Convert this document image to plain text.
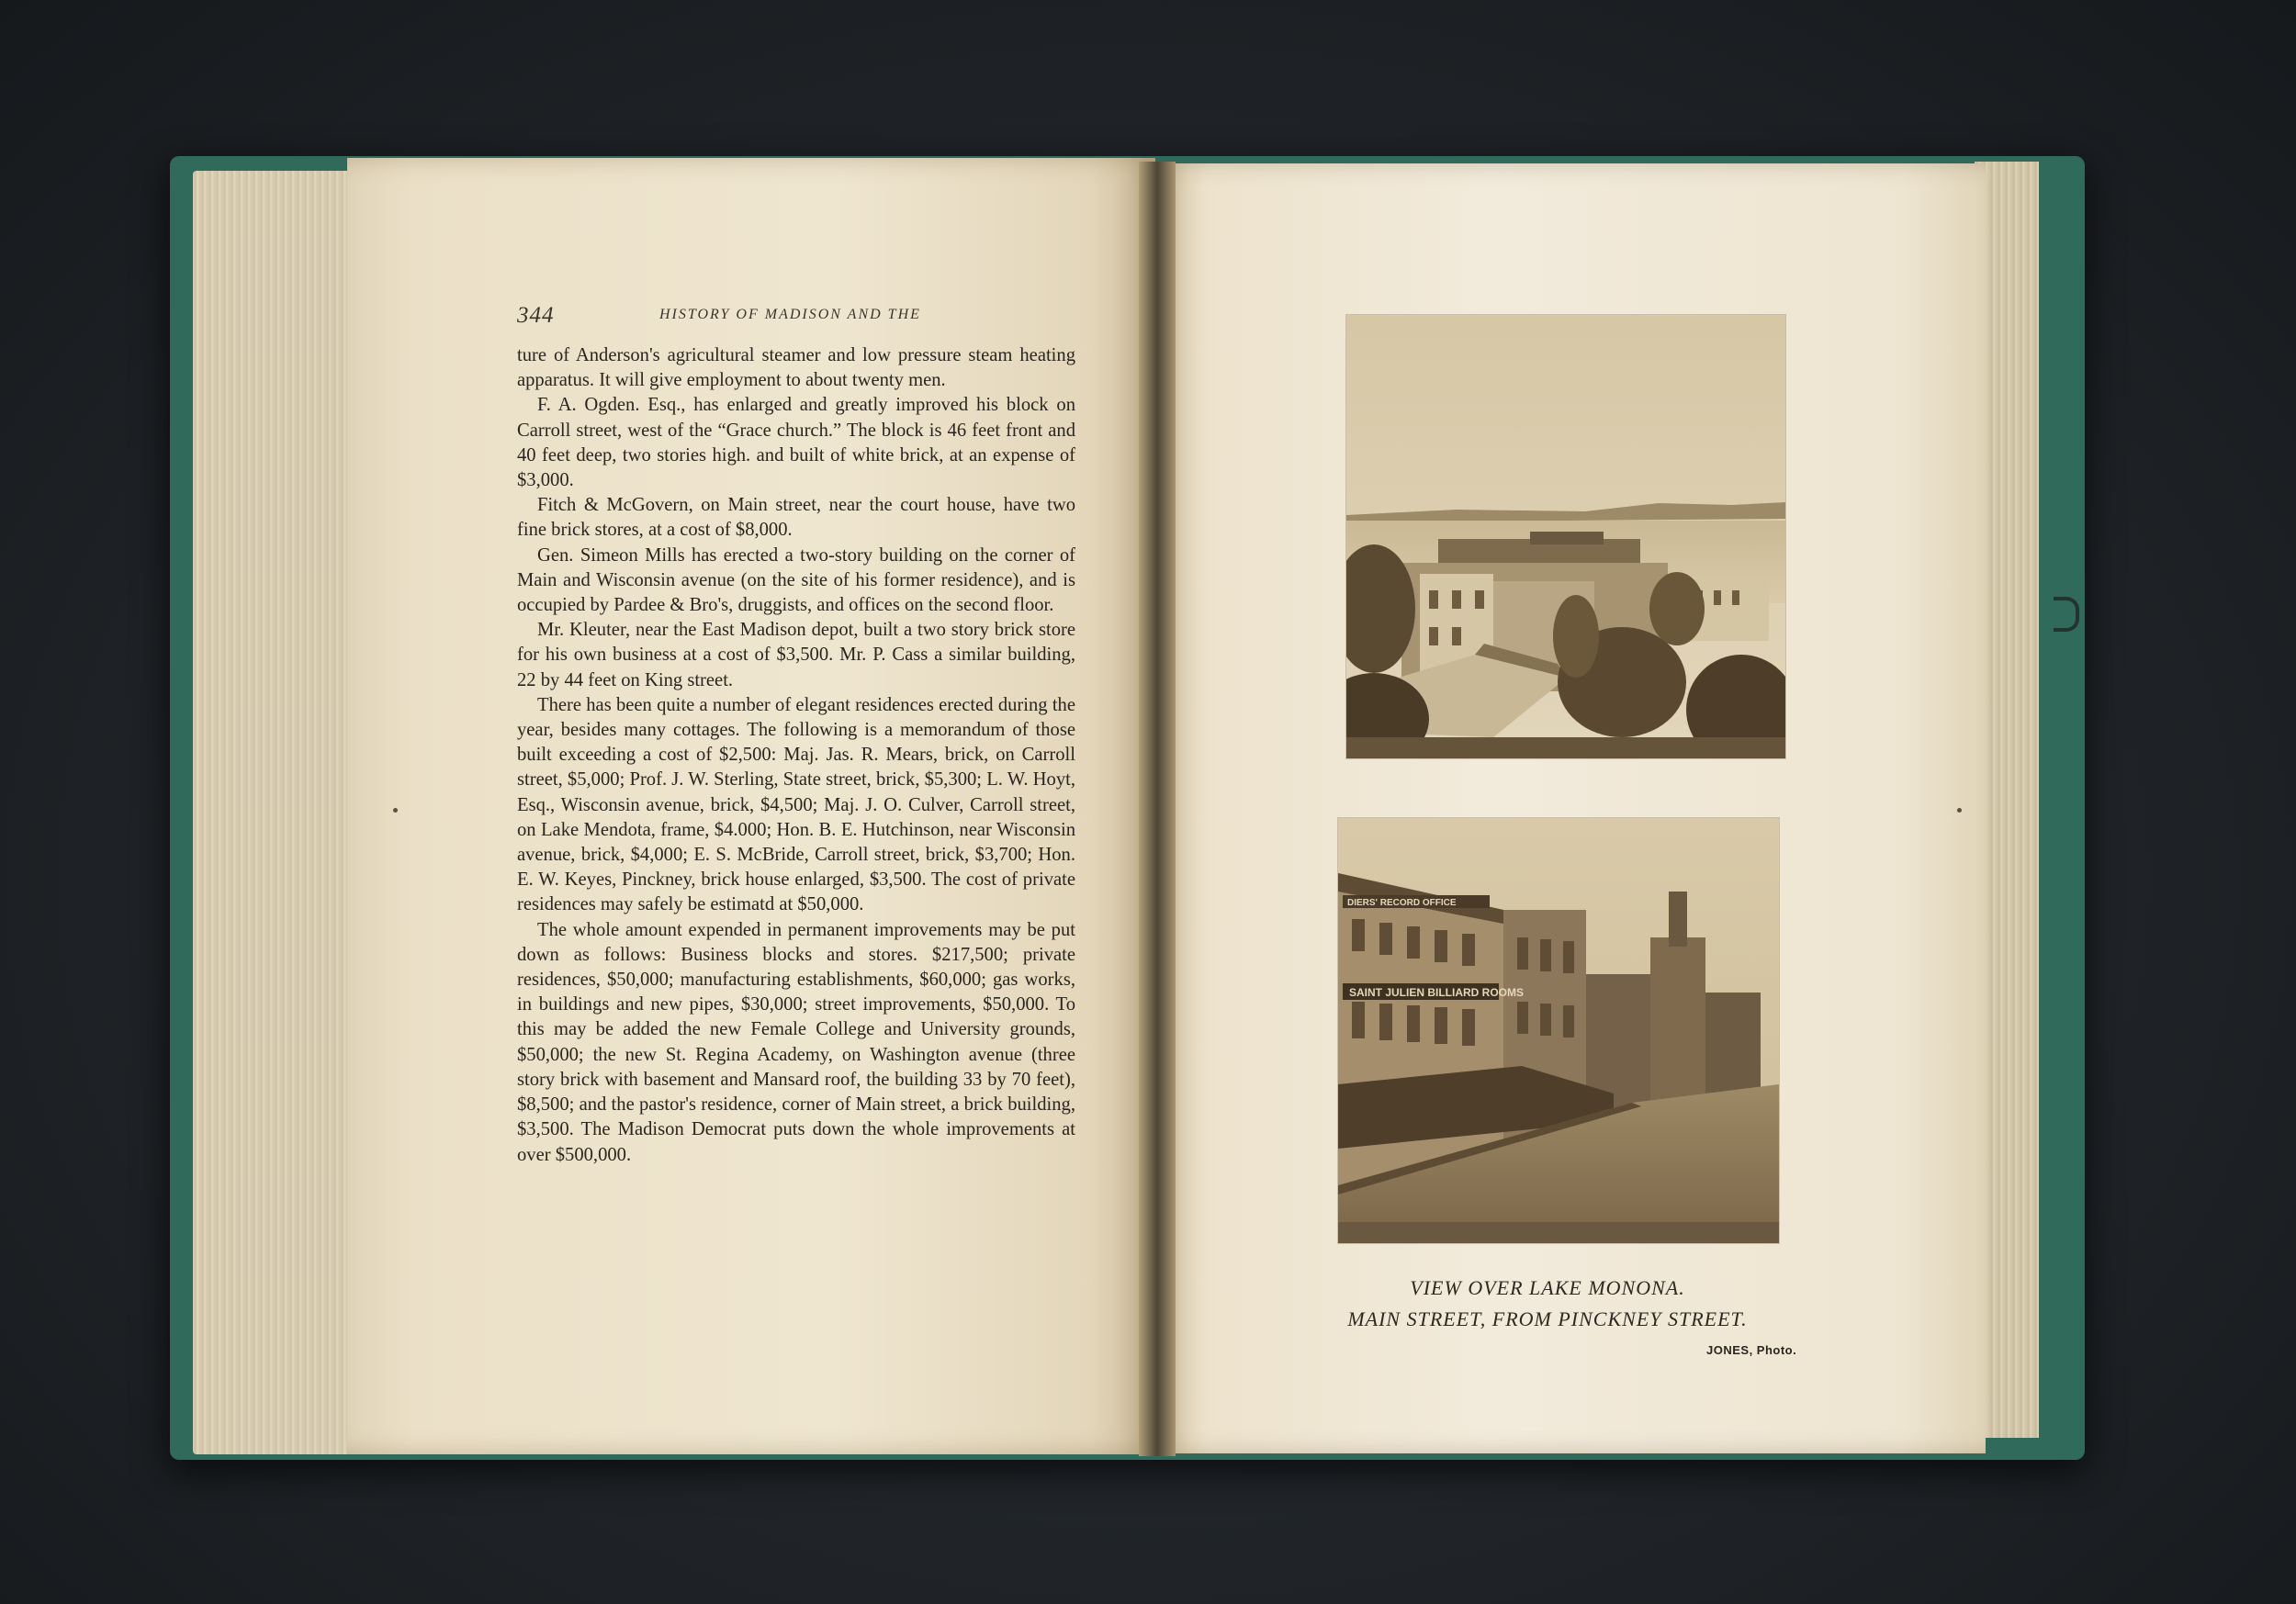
344	HISTORY OF MADISON AND THE

ture of Anderson's agricultural steamer and low pressure steam heating apparatus. It will give employment to about twenty men.

F. A. Ogden. Esq., has enlarged and greatly improved his block on Carroll street, west of the “Grace church.” The block is 46 feet front and 40 feet deep, two stories high. and built of white brick, at an expense of $3,000.

Fitch & McGovern, on Main street, near the court house, have two fine brick stores, at a cost of $8,000.

Gen. Simeon Mills has erected a two-story building on the corner of Main and Wisconsin avenue (on the site of his former residence), and is occupied by Pardee & Bro's, druggists, and offices on the second floor.

Mr. Kleuter, near the East Madison depot, built a two story brick store for his own business at a cost of $3,500. Mr. P. Cass a similar building, 22 by 44 feet on King street.

There has been quite a number of elegant residences erected during the year, besides many cottages. The following is a memorandum of those built exceeding a cost of $2,500: Maj. Jas. R. Mears, brick, on Carroll street, $5,000; Prof. J. W. Sterling, State street, brick, $5,300; L. W. Hoyt, Esq., Wisconsin avenue, brick, $4,500; Maj. J. O. Culver, Carroll street, on Lake Mendota, frame, $4.000; Hon. B. E. Hutchinson, near Wisconsin avenue, brick, $4,000; E. S. McBride, Carroll street, brick, $3,700; Hon. E. W. Keyes, Pinckney, brick house enlarged, $3,500. The cost of private residences may safely be estimatd at $50,000.

The whole amount expended in permanent improvements may be put down as follows: Business blocks and stores. $217,500; private residences, $50,000; manufacturing establishments, $60,000; gas works, in buildings and new pipes, $30,000; street improvements, $50,000. To this may be added the new Female College and University grounds, $50,000; the new St. Regina Academy, on Washington avenue (three story brick with basement and Mansard roof, the building 33 by 70 feet), $8,500; and the pastor's residence, corner of Main street, a brick building, $3,500. The Madison Democrat puts down the whole improvements at over $500,000.

SAINT JULIEN BILLIARD ROOMS
DIERS' RECORD OFFICE
VIEW OVER LAKE MONONA.
MAIN STREET, FROM PINCKNEY STREET.
JONES, Photo.
